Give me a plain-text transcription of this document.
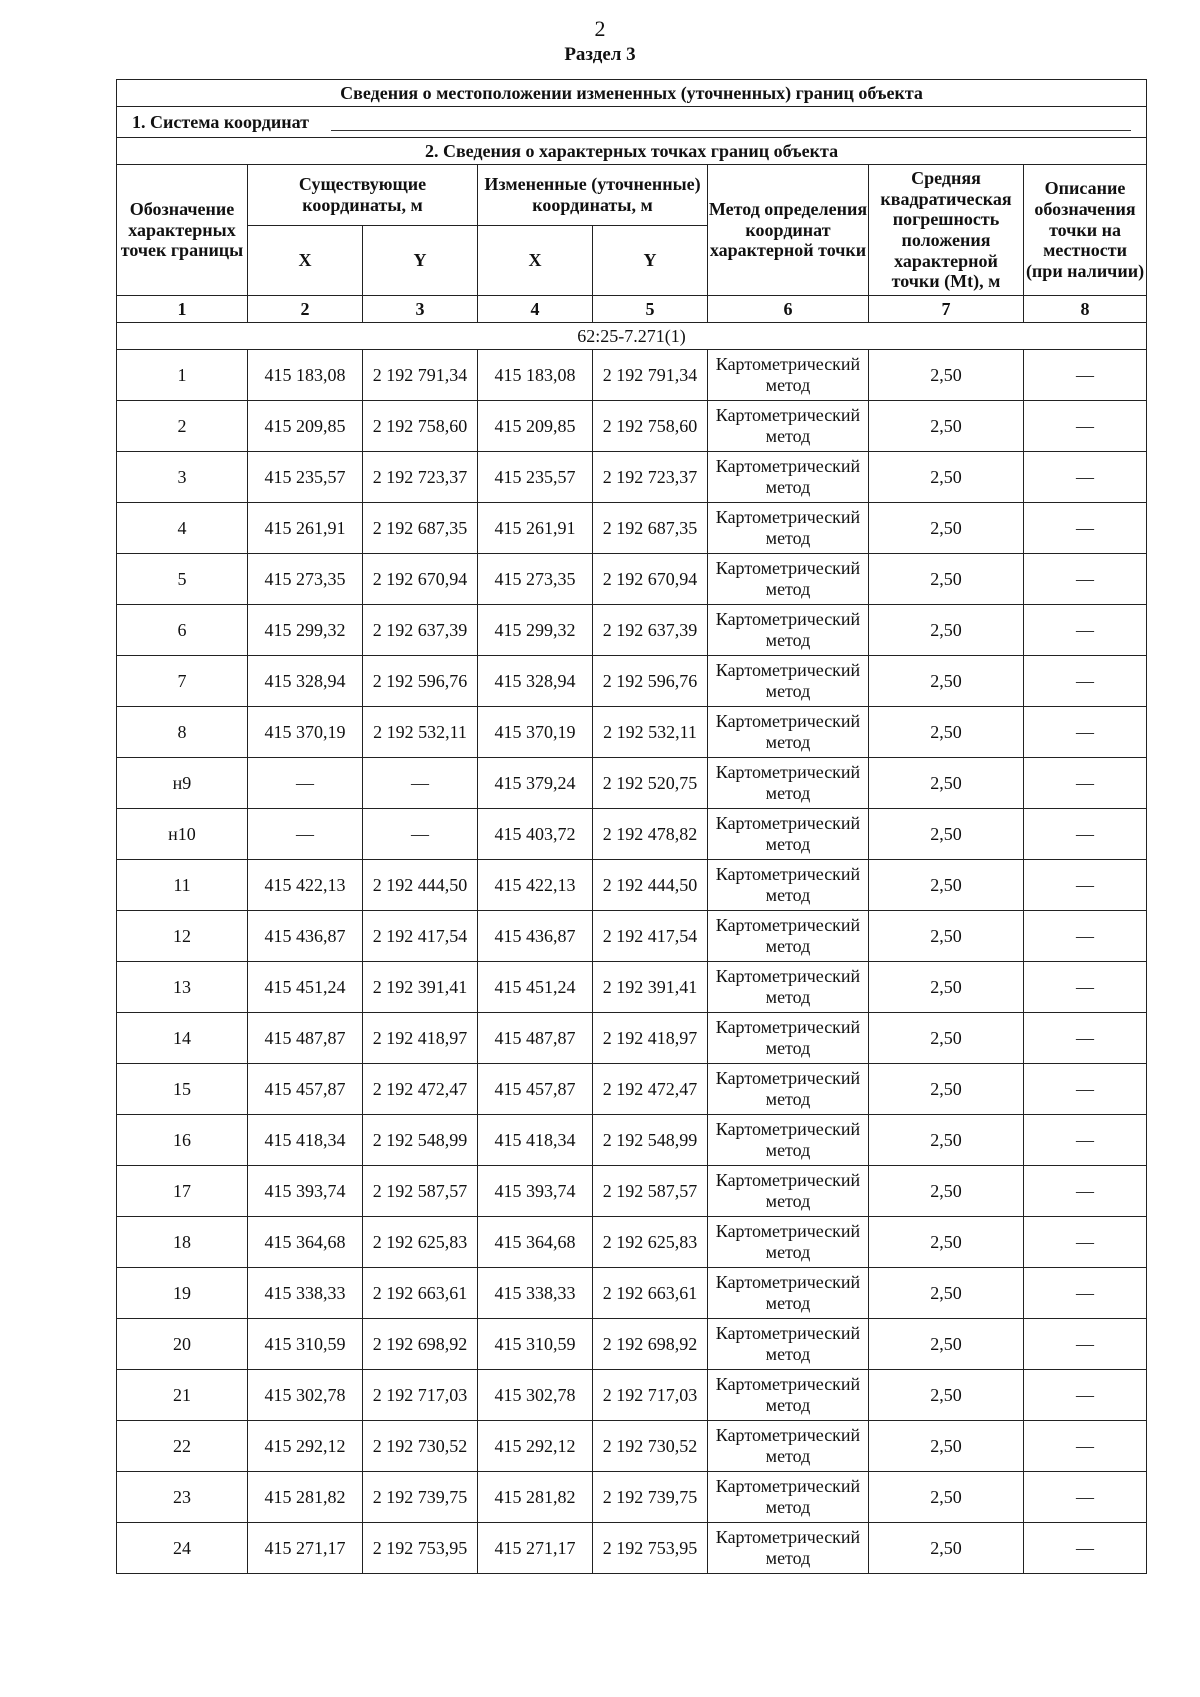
2
Раздел 3
Сведения о местоположении измененных (уточненных) границ объекта							
1. Система координат							
2. Сведения о характерных точках границ объекта							
Обозначение характерных точек границы	Существующие координаты, м		Измененные (уточненные) координаты, м		Метод определения координат характерной точки	Средняя квадратическая погрешность положения характерной точки (Mt), м	Описание обозначения точки на местности (при наличии)
	X	Y	X	Y			
1	2	3	4	5	6	7	8
62:25-7.271(1)							
1	415 183,08	2 192 791,34	415 183,08	2 192 791,34	Картометрический метод	2,50	—
2	415 209,85	2 192 758,60	415 209,85	2 192 758,60	Картометрический метод	2,50	—
3	415 235,57	2 192 723,37	415 235,57	2 192 723,37	Картометрический метод	2,50	—
4	415 261,91	2 192 687,35	415 261,91	2 192 687,35	Картометрический метод	2,50	—
5	415 273,35	2 192 670,94	415 273,35	2 192 670,94	Картометрический метод	2,50	—
6	415 299,32	2 192 637,39	415 299,32	2 192 637,39	Картометрический метод	2,50	—
7	415 328,94	2 192 596,76	415 328,94	2 192 596,76	Картометрический метод	2,50	—
8	415 370,19	2 192 532,11	415 370,19	2 192 532,11	Картометрический метод	2,50	—
н9	—	—	415 379,24	2 192 520,75	Картометрический метод	2,50	—
н10	—	—	415 403,72	2 192 478,82	Картометрический метод	2,50	—
11	415 422,13	2 192 444,50	415 422,13	2 192 444,50	Картометрический метод	2,50	—
12	415 436,87	2 192 417,54	415 436,87	2 192 417,54	Картометрический метод	2,50	—
13	415 451,24	2 192 391,41	415 451,24	2 192 391,41	Картометрический метод	2,50	—
14	415 487,87	2 192 418,97	415 487,87	2 192 418,97	Картометрический метод	2,50	—
15	415 457,87	2 192 472,47	415 457,87	2 192 472,47	Картометрический метод	2,50	—
16	415 418,34	2 192 548,99	415 418,34	2 192 548,99	Картометрический метод	2,50	—
17	415 393,74	2 192 587,57	415 393,74	2 192 587,57	Картометрический метод	2,50	—
18	415 364,68	2 192 625,83	415 364,68	2 192 625,83	Картометрический метод	2,50	—
19	415 338,33	2 192 663,61	415 338,33	2 192 663,61	Картометрический метод	2,50	—
20	415 310,59	2 192 698,92	415 310,59	2 192 698,92	Картометрический метод	2,50	—
21	415 302,78	2 192 717,03	415 302,78	2 192 717,03	Картометрический метод	2,50	—
22	415 292,12	2 192 730,52	415 292,12	2 192 730,52	Картометрический метод	2,50	—
23	415 281,82	2 192 739,75	415 281,82	2 192 739,75	Картометрический метод	2,50	—
24	415 271,17	2 192 753,95	415 271,17	2 192 753,95	Картометрический метод	2,50	—
